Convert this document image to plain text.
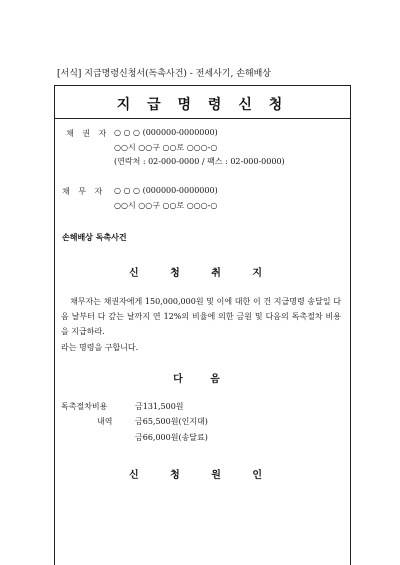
[서식] 지급명령신청서(독촉사건) - 전세사기, 손해배상
지 급 명 령 신 청
채 권 자 ○ ○ ○ (000000-0000000)
○○시 ○○구 ○○로 ○○○-○
(연락처 : 02-000-0000 / 팩스 : 02-000-0000)
채 무 자 ○ ○ ○ (000000-0000000)
○○시 ○○구 ○○로 ○○○-○
손해배상 독촉사건
신 청 취 지

채무자는 채권자에게 150,000,000원 및 이에 대한 이 건 지급명령 송달일 다음 날부터 다 갚는 날까지 연 12%의 비율에 의한 금원 및 다음의 독촉절차 비용을 지급하라.

라는 명령을 구합니다.

다 음
독촉절차비용	금131,500원
내역	금65,500원(인지대)
금66,000원(송달료)
신 청 원 인
